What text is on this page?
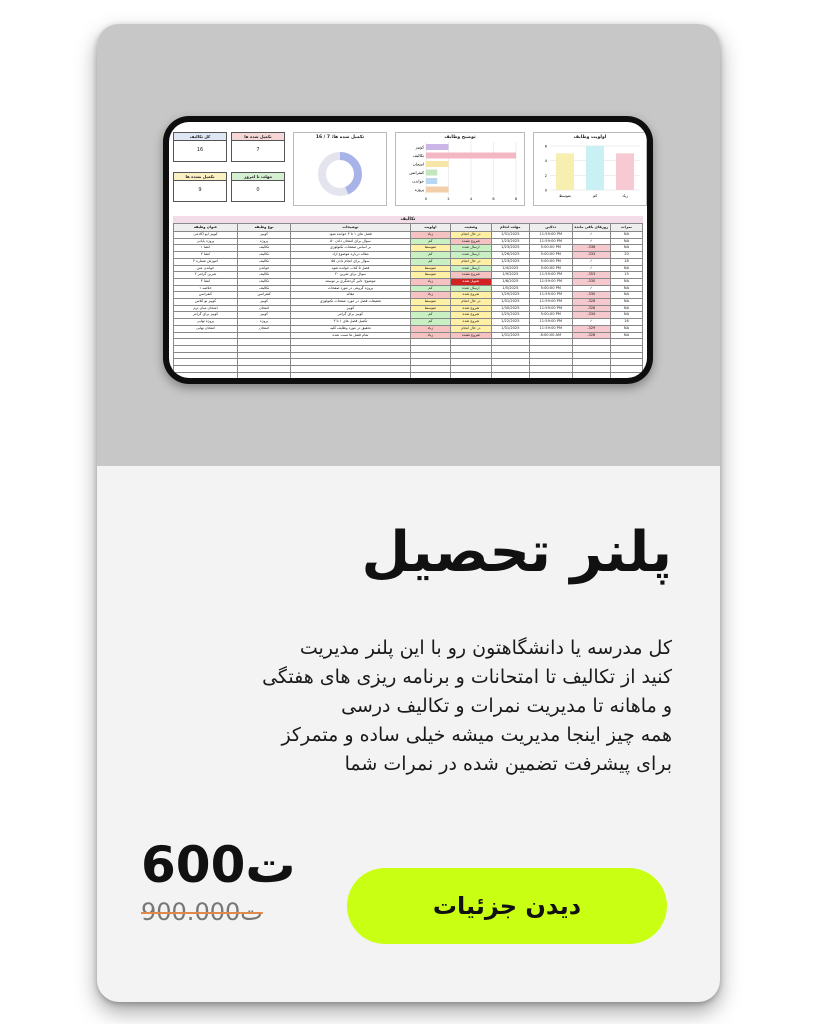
کل تکالیف
16
تکمیل شده ها
7
تکمیل نشده ها
9
مهلت تا امروز
0
تکمیل شده ها: 7 / 16	توضیح وظایف
کوییز
تکالیف
امتحان
کنفرانس
خواندن
پروژه
0	2	4	6	8
تکالیف
عنوان وظیفه	نوع وظیفه	توضیحات	اولویت	وضعیت	مهلت انجام	ددلاین	روزهای باقی مانده	نمرات
کوییز ایو آکادمی	کوییز	فصل های ۱ تا ۳ خوانده شود	زیاد	در حال انجام	1/31/2025	11:59:00 PM	✓	NA
پروژه پایانی	پروژه	۵۰ سوال برای امتحان دادن	کم	شروع نشده	1/23/2025	11:59:00 PM	✓	NA
انشا ۱	تکالیف	بر اساس صفحات تکنولوژی	متوسط	ارسال شده	1/23/2025	5:00:00 PM	-336	NA
انشا ۲	تکالیف	مقاله درباره موضوع آزاد	کم	ارسال شده	1/26/2025	5:00:00 PM	-333	20
آموزش شماره ۲	تکالیف	۵۵ سوال برای انجام دادن	کم	در حال انجام	1/23/2025	5:00:00 PM	✓	18
خواندن متن	خواندن	فصل ۵ کتاب خوانده شود	متوسط	ارسال شده	1/4/2025	5:00:00 PM	✓	NA
تمرین گرامر ۲	تکالیف	۲۰ سوال برای تمرین	متوسط	شروع نشده	1/9/2025	11:59:00 PM	-353	15
انشا ۳	تکالیف	موضوع: تاثیر گردشگری بر توسعه	زیاد	تحویل شده	1/6/2025	11:59:00 PM	-330	NA
خلاصه ۱	تکالیف	پروژه گروهی در مورد صفحات	کم	ارسال شده	1/5/2025	5:00:00 PM	✓	NA
کنفرانس	کنفرانس	مقاله	زیاد	شروع شده	1/29/2025	11:59:00 PM	-330	NA
کوییز تو کلاس	کوییز	تحقیقات فصل در مورد صفحات تکنولوژی	متوسط	در حال انجام	1/31/2025	11:59:00 PM	-328	NA
امتحان میان ترم	امتحان	کوییز	متوسط	شروع شده	1/30/2025	11:59:00 PM	-328	NA
کوییز برای گرامر	کوییز	کوییز برای گرامر	کم	شروع شده	1/25/2025	5:00:00 PM	-334	NA
پروژه نهایی	پروژه	تکمیل فصل های ۱ تا ۳	کم	شروع شده	1/22/2025	11:59:00 PM	✓	16
امتحان نهایی	امتحان	تحقیق در مورد وظایف کلیه	زیاد	در حال انجام	1/31/2025	11:59:00 PM	-329	NA
		تمام فصل ها تست شده	زیاد	شروع نشده	1/31/2025	8:00:00 AM	-328	NA

اولویت وظایف
0
2
4
6
متوسط	کم	زیاد
پلنر تحصیل
کل مدرسه یا دانشگاهتون رو با این پلنر مدیریت
کنید از تکالیف تا امتحانات و برنامه ریزی های هفتگی
و ماهانه تا مدیریت نمرات و تکالیف درسی
همه چیز اینجا مدیریت میشه خیلی ساده و متمرکز
برای پیشرفت تضمین شده در نمرات شما
600ت
900.000ت	دیدن جزئیات
